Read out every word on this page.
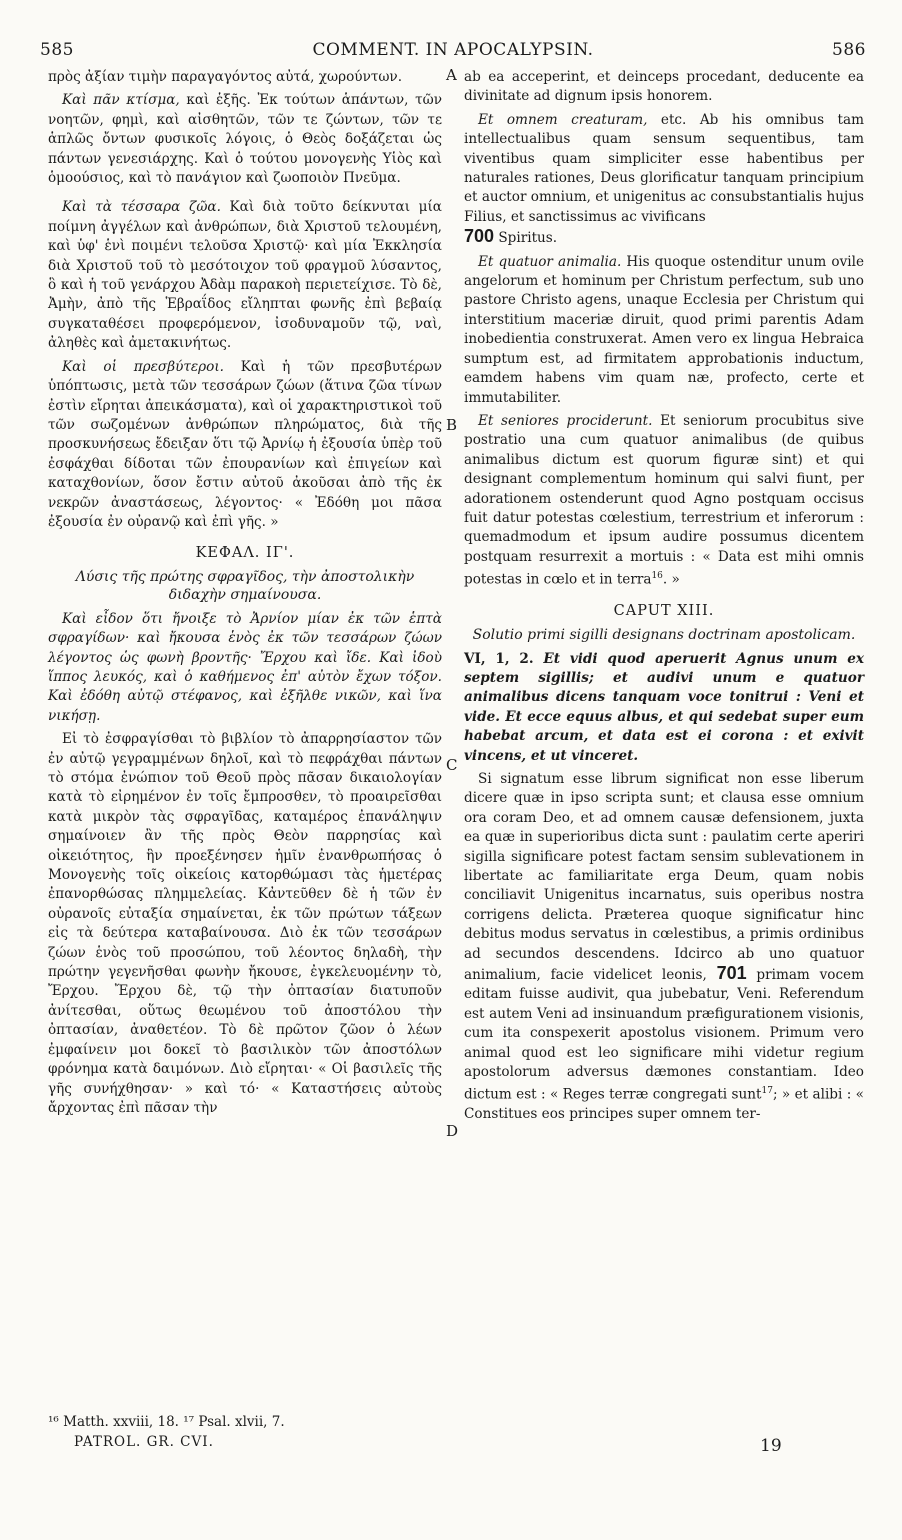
585	COMMENT. IN APOCALYPSIN.	586
A
B
C
D

πρὸς ἀξίαν τιμὴν παραγαγόντος αὐτά, χωρούντων.

Καὶ πᾶν κτίσμα, καὶ ἑξῆς. Ἐκ τούτων ἁπάντων, τῶν νοητῶν, φημὶ, καὶ αἰσθητῶν, τῶν τε ζώντων, τῶν τε ἁπλῶς ὄντων φυσικοῖς λόγοις, ὁ Θεὸς δοξάζεται ὡς πάντων γενεσιάρχης. Καὶ ὁ τούτου μονογενὴς Υἱὸς καὶ ὁμοούσιος, καὶ τὸ πανάγιον καὶ ζωοποιὸν Πνεῦμα.

Καὶ τὰ τέσσαρα ζῶα. Καὶ διὰ τοῦτο δείκνυται μία ποίμνη ἀγγέλων καὶ ἀνθρώπων, διὰ Χριστοῦ τελουμένη, καὶ ὑφ' ἑνὶ ποιμένι τελοῦσα Χριστῷ· καὶ μία Ἐκκλησία διὰ Χριστοῦ τοῦ τὸ μεσότοιχον τοῦ φραγμοῦ λύσαντος, ὃ καὶ ἡ τοῦ γενάρχου Ἀδὰμ παρακοὴ περιετείχισε. Τὸ δὲ, Ἀμὴν, ἀπὸ τῆς Ἑβραΐδος εἴληπται φωνῆς ἐπὶ βεβαίᾳ συγκαταθέσει προφερόμενον, ἰσοδυναμοῦν τῷ, ναὶ, ἀληθὲς καὶ ἀμετακινήτως.

Καὶ οἱ πρεσβύτεροι. Καὶ ἡ τῶν πρεσβυτέρων ὑπόπτωσις, μετὰ τῶν τεσσάρων ζώων (ἅτινα ζῶα τίνων ἐστὶν εἴρηται ἀπεικάσματα), καὶ οἱ χαρακτηριστικοὶ τοῦ τῶν σωζομένων ἀνθρώπων πληρώματος, διὰ τῆς προσκυνήσεως ἔδειξαν ὅτι τῷ Ἀρνίῳ ἡ ἐξουσία ὑπὲρ τοῦ ἐσφάχθαι δίδοται τῶν ἐπουρανίων καὶ ἐπιγείων καὶ καταχθονίων, ὅσον ἔστιν αὐτοῦ ἀκοῦσαι ἀπὸ τῆς ἐκ νεκρῶν ἀναστάσεως, λέγοντος· « Ἐδόθη μοι πᾶσα ἐξουσία ἐν οὐρανῷ καὶ ἐπὶ γῆς. »

ΚΕΦΑΛ. ΙΓ'.
Λύσις τῆς πρώτης σφραγῖδος, τὴν ἀποστολικὴν διδαχὴν σημαίνουσα.

Καὶ εἶδον ὅτι ἤνοιξε τὸ Ἀρνίον μίαν ἐκ τῶν ἑπτὰ σφραγίδων· καὶ ἤκουσα ἑνὸς ἐκ τῶν τεσσάρων ζώων λέγοντος ὡς φωνὴ βροντῆς· Ἔρχου καὶ ἴδε. Καὶ ἰδοὺ ἵππος λευκός, καὶ ὁ καθήμενος ἐπ' αὐτὸν ἔχων τόξον. Καὶ ἐδόθη αὐτῷ στέφανος, καὶ ἐξῆλθε νικῶν, καὶ ἵνα νικήσῃ.

Εἰ τὸ ἐσφραγίσθαι τὸ βιβλίον τὸ ἀπαρρησίαστον τῶν ἐν αὐτῷ γεγραμμένων δηλοῖ, καὶ τὸ πεφράχθαι πάντων τὸ στόμα ἐνώπιον τοῦ Θεοῦ πρὸς πᾶσαν δικαιολογίαν κατὰ τὸ εἰρημένον ἐν τοῖς ἔμπροσθεν, τὸ προαιρεῖσθαι κατὰ μικρὸν τὰς σφραγῖδας, καταμέρος ἐπανάληψιν σημαίνοιεν ἂν τῆς πρὸς Θεὸν παρρησίας καὶ οἰκειότητος, ἣν προεξένησεν ἡμῖν ἐνανθρωπήσας ὁ Μονογενὴς τοῖς οἰκείοις κατορθώμασι τὰς ἡμετέρας ἐπανορθώσας πλημμελείας. Κἀντεῦθεν δὲ ἡ τῶν ἐν οὐρανοῖς εὐταξία σημαίνεται, ἐκ τῶν πρώτων τάξεων εἰς τὰ δεύτερα καταβαίνουσα. Διὸ ἐκ τῶν τεσσάρων ζώων ἑνὸς τοῦ προσώπου, τοῦ λέοντος δηλαδὴ, τὴν πρώτην γεγενῆσθαι φωνὴν ἤκουσε, ἐγκελευομένην τὸ, Ἔρχου. Ἔρχου δὲ, τῷ τὴν ὀπτασίαν διατυποῦν ἀνίτεσθαι, οὕτως θεωμένου τοῦ ἀποστόλου τὴν ὀπτασίαν, ἀναθετέον. Τὸ δὲ πρῶτον ζῶον ὁ λέων ἐμφαίνειν μοι δοκεῖ τὸ βασιλικὸν τῶν ἀποστόλων φρόνημα κατὰ δαιμόνων. Διὸ εἴρηται· « Οἱ βασιλεῖς τῆς γῆς συνήχθησαν· » καὶ τό· « Καταστήσεις αὐτοὺς ἄρχοντας ἐπὶ πᾶσαν τὴν

ab ea acceperint, et deinceps procedant, deducente ea divinitate ad dignum ipsis honorem.

Et omnem creaturam, etc. Ab his omnibus tam intellectualibus quam sensum sequentibus, tam viventibus quam simpliciter esse habentibus per naturales rationes, Deus glorificatur tanquam principium et auctor omnium, et unigenitus ac consubstantialis hujus Filius, et sanctissimus ac vivificans
700 Spiritus.

Et quatuor animalia. His quoque ostenditur unum ovile angelorum et hominum per Christum perfectum, sub uno pastore Christo agens, unaque Ecclesia per Christum qui interstitium maceriæ diruit, quod primi parentis Adam inobedientia construxerat. Amen vero ex lingua Hebraica sumptum est, ad firmitatem approbationis inductum, eamdem habens vim quam næ, profecto, certe et immutabiliter.

Et seniores prociderunt. Et seniorum procubitus sive postratio una cum quatuor animalibus (de quibus animalibus dictum est quorum figuræ sint) et qui designant complementum hominum qui salvi fiunt, per adorationem ostenderunt quod Agno postquam occisus fuit datur potestas cœlestium, terrestrium et inferorum : quemadmodum et ipsum audire possumus dicentem postquam resurrexit a mortuis : « Data est mihi omnis potestas in cœlo et in terra$^{16}$. »

CAPUT XIII.
Solutio primi sigilli designans doctrinam apostolicam.

VI, 1, 2. Et vidi quod aperuerit Agnus unum ex septem sigillis; et audivi unum e quatuor animalibus dicens tanquam voce tonitrui : Veni et vide. Et ecce equus albus, et qui sedebat super eum habebat arcum, et data est ei corona : et exivit vincens, et ut vinceret.

Si signatum esse librum significat non esse liberum dicere quæ in ipso scripta sunt; et clausa esse omnium ora coram Deo, et ad omnem causæ defensionem, juxta ea quæ in superioribus dicta sunt : paulatim certe aperiri sigilla significare potest factam sensim sublevationem in libertate ac familiaritate erga Deum, quam nobis conciliavit Unigenitus incarnatus, suis operibus nostra corrigens delicta. Præterea quoque significatur hinc debitus modus servatus in cœlestibus, a primis ordinibus ad secundos descendens. Idcirco ab uno quatuor animalium, facie videlicet leonis, 701 primam vocem editam fuisse audivit, qua jubebatur, Veni. Referendum est autem Veni ad insinuandum præfigurationem visionis, cum ita conspexerit apostolus visionem. Primum vero animal quod est leo significare mihi videtur regium apostolorum adversus dæmones constantiam. Ideo dictum est : « Reges terræ congregati sunt$^{17}$; » et alibi : « Constitues eos principes super omnem ter-

¹⁶ Matth. xxviii, 18. ¹⁷ Psal. xlvii, 7.
PATROL. GR. CVI.	19
